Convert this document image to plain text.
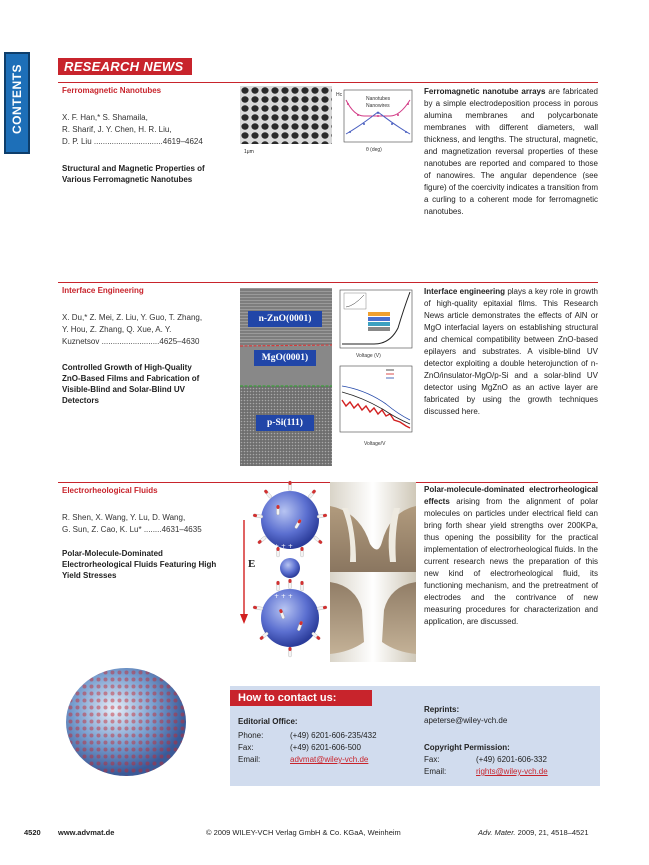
CONTENTS	RESEARCH NEWS
Ferromagnetic Nanotubes
X. F. Han,* S. Shamaila,
R. Sharif, J. Y. Chen, H. R. Liu,
D. P. Liu ...............................4619–4624
Structural and Magnetic Properties of
Various Ferromagnetic Nanotubes
1μm
Nanotubes
Nanowires
Hc
θ (deg)
Ferromagnetic nanotube arrays are fabricated by a simple electrodeposition process in porous alumina membranes and polycarbonate membranes with different diameters, wall thickness, and lengths. The structural, magnetic, and magnetization reversal properties of these nanotubes are reported and compared to those of nanowires. The angular dependence (see figure) of the coercivity indicates a transition from a curling to a coherent mode for ferromagnetic nanotubes.
Interface Engineering
X. Du,* Z. Mei, Z. Liu, Y. Guo, T. Zhang,
Y. Hou, Z. Zhang, Q. Xue, A. Y.
Kuznetsov ..........................4625–4630
Controlled Growth of High-Quality
ZnO-Based Films and Fabrication of
Visible-Blind and Solar-Blind UV
Detectors
n-ZnO(0001)
MgO(0001)
p-Si(111)
Voltage (V)
Voltage/V
Interface engineering plays a key role in growth of high-quality epitaxial films. This Research News article demonstrates the effects of AlN or MgO interfacial layers on establishing structural and chemical compatibility between ZnO-based epilayers and substrates. A visible-blind UV detector exploiting a double heterojunction of n-ZnO/insulator-MgO/p-Si and a solar-blind UV detector using MgZnO as an active layer are fabricated by using the growth techniques discussed here.
Electrorheological Fluids
R. Shen, X. Wang, Y. Lu, D. Wang,
G. Sun, Z. Cao, K. Lu* ........4631–4635
Polar-Molecule-Dominated
Electrorheological Fluids Featuring High
Yield Stresses
+ + +
+ + +
E
Polar-molecule-dominated electrorheological effects arising from the alignment of polar molecules on particles under electrical field can bring forth shear yield strengths over 200KPa, thus opening the possibility for the practical implementation of electrorheological fluids. In the current research news the preparation of this new kind of electrorheological fluid, its functioning mechanism, and the pretreatment of electrodes and the contrivance of new measuring procedures for characterization and application, are discussed.
How to contact us:
Editorial Office:
Phone:	(+49) 6201-606-235/432
Fax:	(+49) 6201-606-500
Email:	advmat@wiley-vch.de
Reprints:
apeterse@wiley-vch.de
Copyright Permission:
Fax:	(+49) 6201-606-332
Email:	rights@wiley-vch.de
4520 www.advmat.de	© 2009 WILEY-VCH Verlag GmbH & Co. KGaA, Weinheim	Adv. Mater. 2009, 21, 4518–4521
